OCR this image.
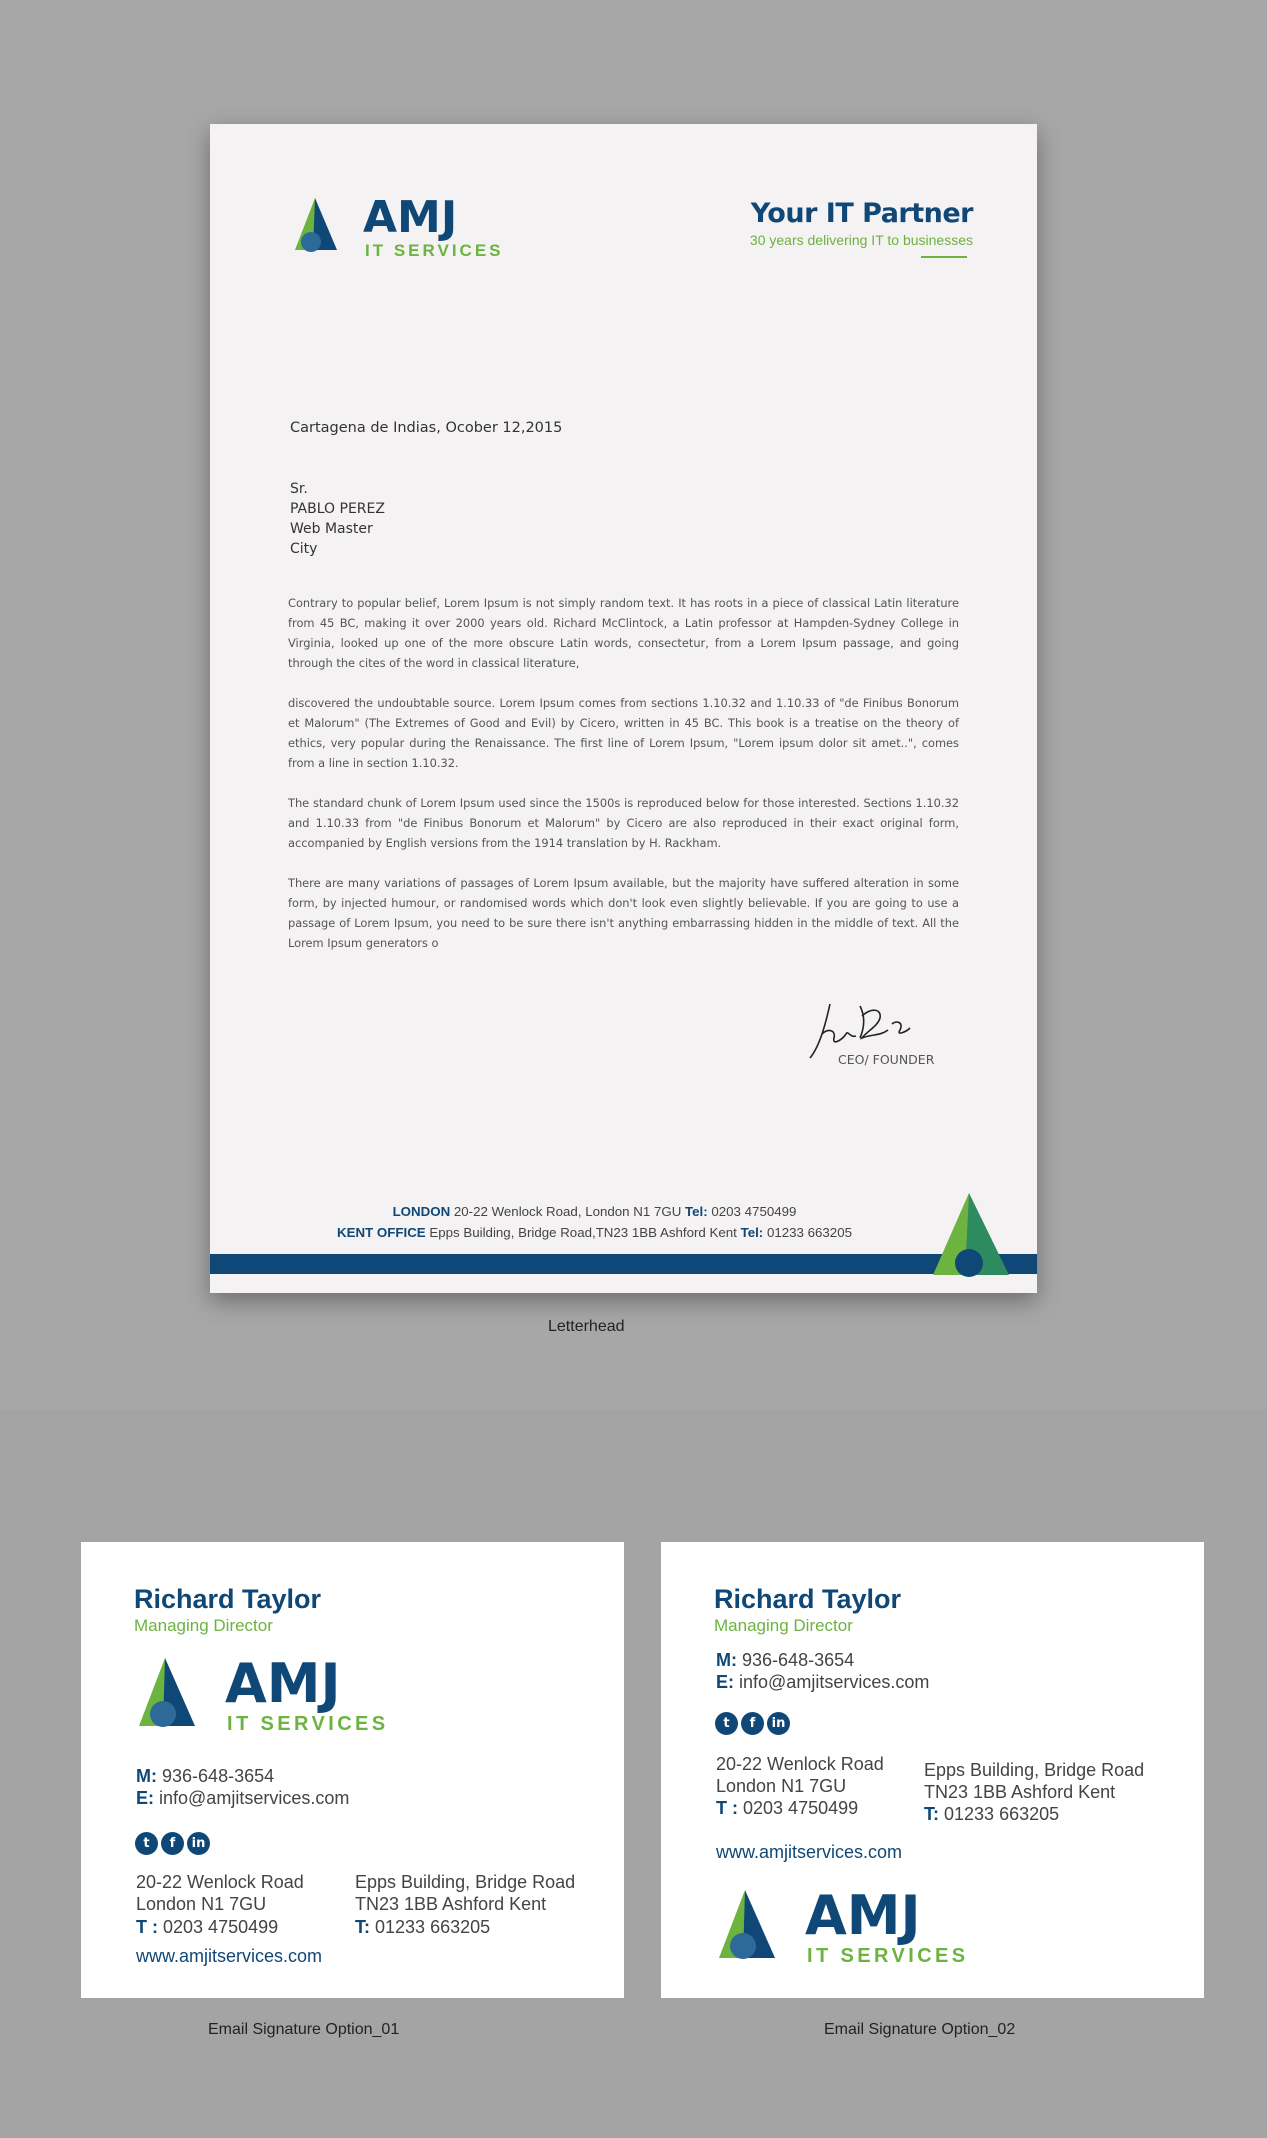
AMJ
IT SERVICES
Your IT Partner
30 years delivering IT to businesses
Cartagena de Indias, Ocober 12,2015
Sr.
PABLO PEREZ
Web Master
City

Contrary to popular belief, Lorem Ipsum is not simply random text. It has roots in a piece of classical Latin literature from 45 BC, making it over 2000 years old. Richard McClintock, a Latin professor at Hampden-Sydney College in Virginia, looked up one of the more obscure Latin words, consectetur, from a Lorem Ipsum passage, and going through the cites of the word in classical literature,

discovered the undoubtable source. Lorem Ipsum comes from sections 1.10.32 and 1.10.33 of "de Finibus Bonorum et Malorum" (The Extremes of Good and Evil) by Cicero, written in 45 BC. This book is a treatise on the theory of ethics, very popular during the Renaissance. The first line of Lorem Ipsum, "Lorem ipsum dolor sit amet..", comes from a line in section 1.10.32.

The standard chunk of Lorem Ipsum used since the 1500s is reproduced below for those interested. Sections 1.10.32 and 1.10.33 from "de Finibus Bonorum et Malorum" by Cicero are also reproduced in their exact original form, accompanied by English versions from the 1914 translation by H. Rackham.

There are many variations of passages of Lorem Ipsum available, but the majority have suffered alteration in some form, by injected humour, or randomised words which don't look even slightly believable. If you are going to use a passage of Lorem Ipsum, you need to be sure there isn't anything embarrassing hidden in the middle of text. All the Lorem Ipsum generators o

CEO/ FOUNDER
LONDON 20-22 Wenlock Road, London N1 7GU Tel: 0203 4750499
KENT OFFICE Epps Building, Bridge Road,TN23 1BB Ashford Kent Tel: 01233 663205
Letterhead
Richard Taylor
Managing Director
AMJ
IT SERVICES
M: 936-648-3654
E: info@amjitservices.com
t	f	in
20-22 Wenlock Road
London N1 7GU
T : 0203 4750499
Epps Building, Bridge Road
TN23 1BB Ashford Kent
T: 01233 663205
www.amjitservices.com
Email Signature Option_01
Richard Taylor
Managing Director
M: 936-648-3654
E: info@amjitservices.com
t	f	in
20-22 Wenlock Road
London N1 7GU
T : 0203 4750499
Epps Building, Bridge Road
TN23 1BB Ashford Kent
T: 01233 663205
www.amjitservices.com
AMJ
IT SERVICES
Email Signature Option_02
